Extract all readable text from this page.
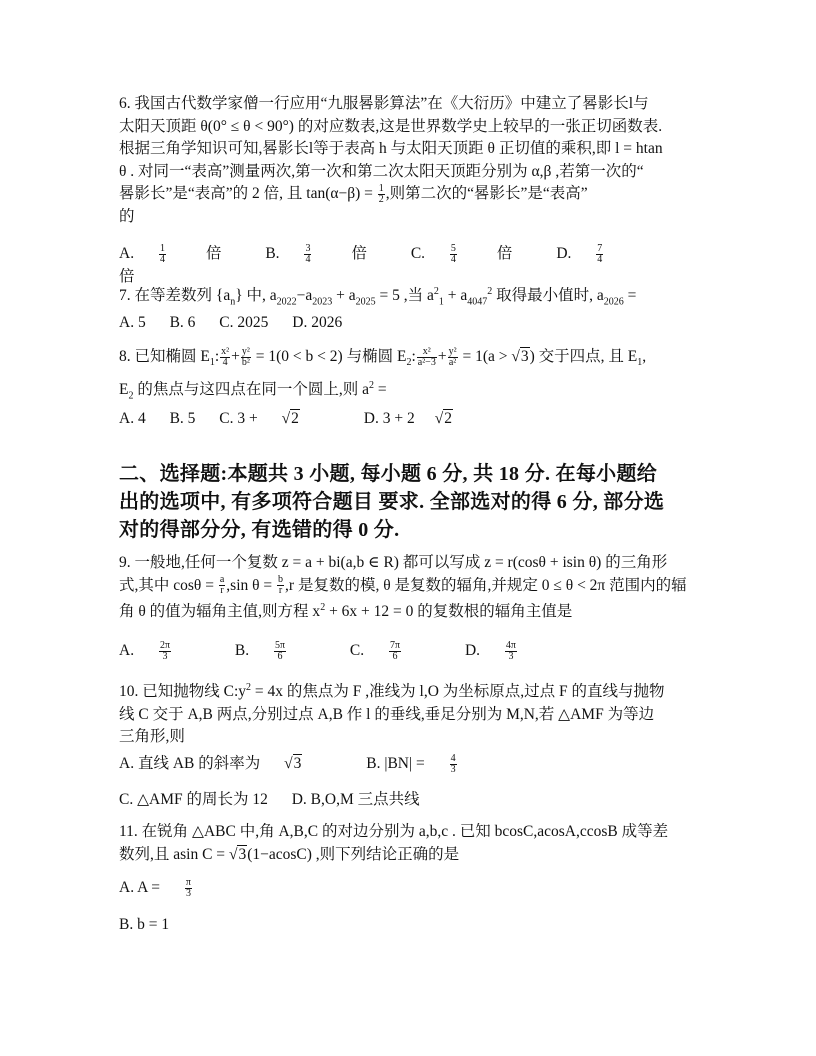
6. 我国古代数学家僧一行应用“九服晷影算法”在《大衍历》中建立了晷影长l与

太阳天顶距 θ(0° ≤ θ < 90°) 的对应数表,这是世界数学史上较早的一张正切函数表.

根据三角学知识可知,晷影长l等于表高 h 与太阳天顶距 θ 正切值的乘积,即 l = htan

θ . 对同一“表高”测量两次,第一次和第二次太阳天顶距分别为 α,β ,若第一次的“

晷影长”是“表高”的 2 倍, 且 $\tan(\alpha-\beta) = \frac{1}{2}$ ,则第二次的“晷影长”是“表高”

的

A. $\frac{1}{4}$ 倍	B. $\frac{3}{4}$ 倍	C. $\frac{5}{4}$ 倍	D. $\frac{7}{4}$
倍

7. 在等差数列 $\{a_n\}$ 中, $a_{2022}-a_{2023} + a_{2025} = 5$ ,当 $a^2_1 + a_{4047}^2$ 取得最小值时, $a_{2026}$ =

A. 5 B. 6 C. 2025 D. 2026

8. 已知椭圆 $E_1$: $\frac{\text{x²}}{4} + \frac{\text{y²}}{\text{b²}} = 1(0 < b < 2)$ 与椭圆 $E_2$: $\frac{\text{x²}}{\text{a²−3}} + \frac{\text{y²}}{\text{a²}} = 1(a > √3)$ 交于四点, 且 $E_1$,

$E_2$ 的焦点与这四点在同一个圆上,则 $a^2$ =

A. 4 B. 5 C. 3 + √2	D. 3 + 2 √2
二、选择题:本题共 3 小题, 每小题 6 分, 共 18 分. 在每小题给
出的选项中, 有多项符合题目 要求. 全部选对的得 6 分, 部分选
对的得部分分, 有选错的得 0 分.

9. 一般地,任何一个复数 z = a + bi(a,b ∈ R) 都可以写成 z = r(cosθ + isin θ) 的三角形

式,其中 $\cos\theta = \frac{a}{r} ,\sin$ $\theta = \frac{b}{r} ,r$ 是复数的模, θ 是复数的辐角,并规定 0 ≤ θ < 2π 范围内的辐

角 θ 的值为辐角主值,则方程 $x^2 + 6x + 12 = 0$ 的复数根的辐角主值是

A. $\frac{2\pi}{3}$	B. $\frac{5\pi}{6}$	C. $\frac{7\pi}{6}$	D. $\frac{4\pi}{3}$

10. 已知抛物线 $C:y^2 = 4x$ 的焦点为 F ,准线为 l,O 为坐标原点,过点 F 的直线与抛物

线 C 交于 A,B 两点,分别过点 A,B 作 l 的垂线,垂足分别为 M,N,若 △AMF 为等边

三角形,则

A. 直线 AB 的斜率为 √3	B. $|BN| = \frac{4}{3}$
C. △AMF 的周长为 12 D. B,O,M 三点共线

11. 在锐角 △ABC 中,角 A,B,C 的对边分别为 a,b,c . 已知 bcosC,acosA,ccosB 成等差

数列,且 asin C = √3(1−acosC) ,则下列结论正确的是

A. $A = \frac{\pi}{3}$
B. b = 1
